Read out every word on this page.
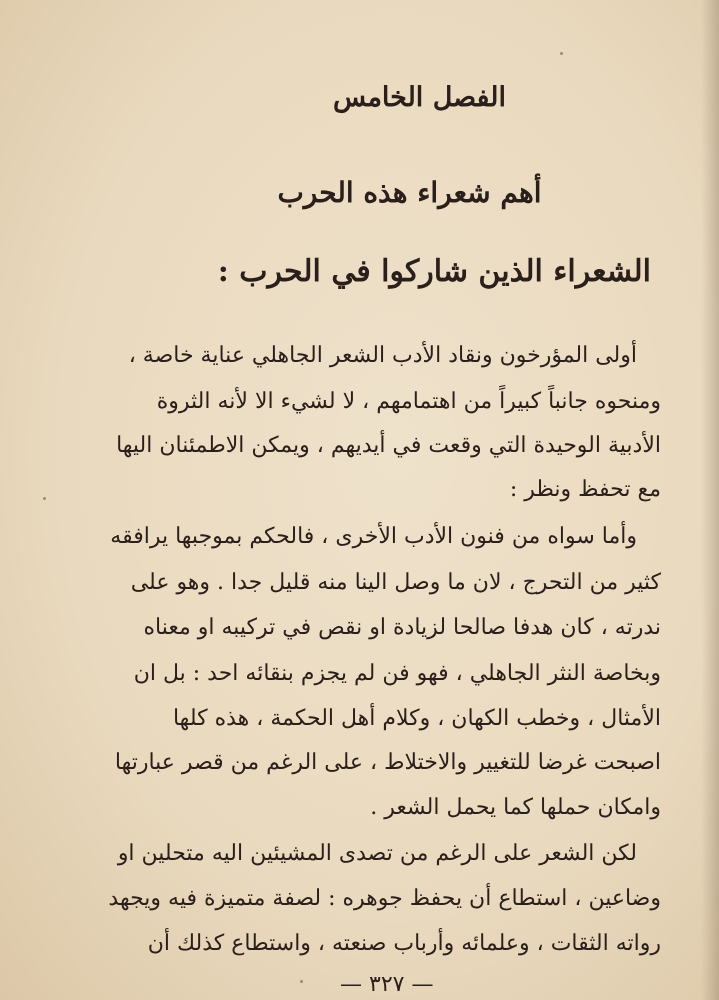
الفصل الخامس
أهم شعراء هذه الحرب
الشعراء الذين شاركوا في الحرب :
أولى المؤرخون ونقاد الأدب الشعر الجاهلي عناية خاصة ،
ومنحوه جانباً كبيراً من اهتمامهم ، لا لشيء الا لأنه الثروة
الأدبية الوحيدة التي وقعت في أيديهم ، ويمكن الاطمئنان اليها
مع تحفظ ونظر :
وأما سواه من فنون الأدب الأخرى ، فالحكم بموجبها يرافقه
كثير من التحرج ، لان ما وصل الينا منه قليل جدا . وهو على
ندرته ، كان هدفا صالحا لزيادة او نقص في تركيبه او معناه
وبخاصة النثر الجاهلي ، فهو فن لم يجزم بنقائه احد : بل ان
الأمثال ، وخطب الكهان ، وكلام أهل الحكمة ، هذه كلها
اصبحت غرضا للتغيير والاختلاط ، على الرغم من قصر عبارتها
وامكان حملها كما يحمل الشعر .
لكن الشعر على الرغم من تصدى المشيئين اليه متحلين او
وضاعين ، استطاع أن يحفظ جوهره : لصفة متميزة فيه ويجهد
رواته الثقات ، وعلمائه وأرباب صنعته ، واستطاع كذلك أن
— ٣٢٧ —
